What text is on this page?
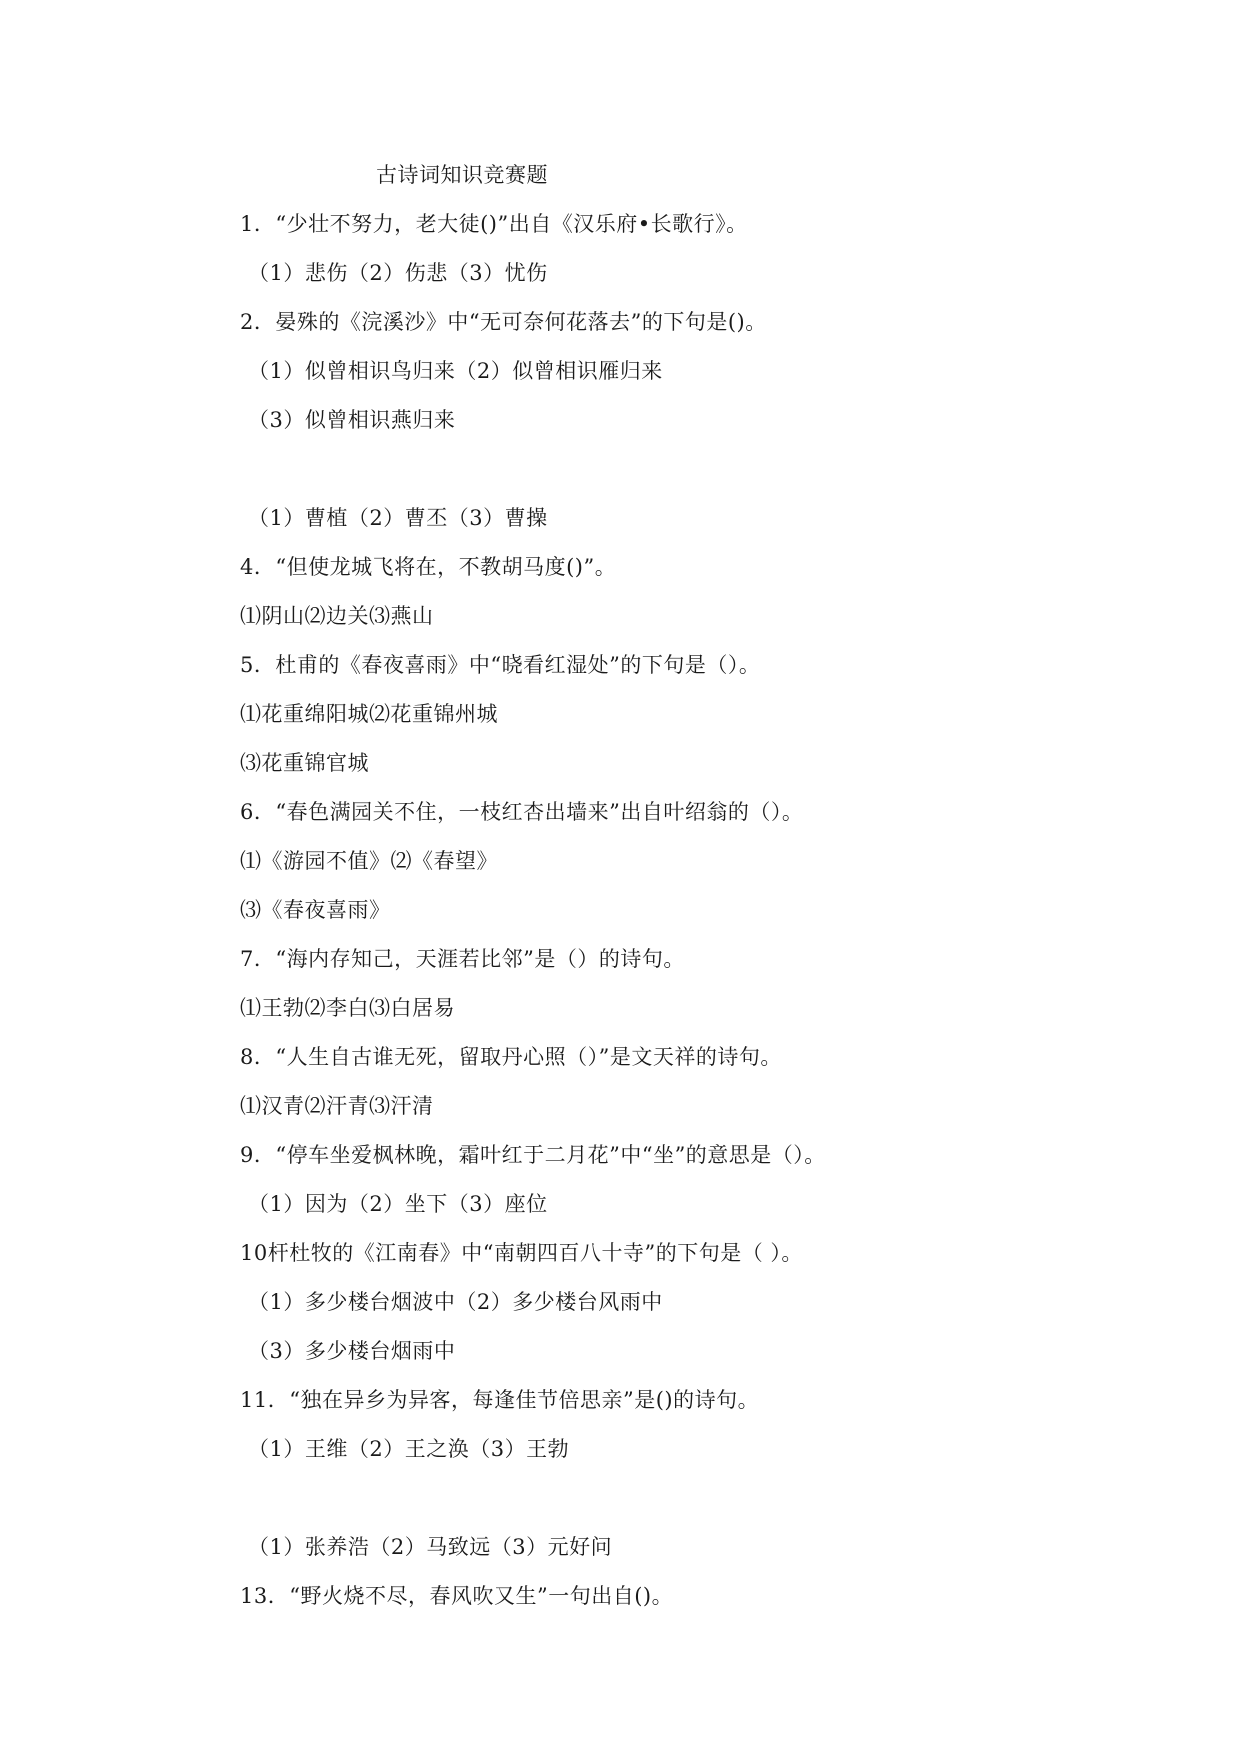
古诗词知识竞赛题
1．“少壮不努力，老大徒()”出自《汉乐府•长歌行》。
（1）悲伤（2）伤悲（3）忧伤
2．晏殊的《浣溪沙》中“无可奈何花落去”的下句是()。
（1）似曾相识鸟归来（2）似曾相识雁归来
（3）似曾相识燕归来
（1）曹植（2）曹丕（3）曹操
4．“但使龙城飞将在，不教胡马度()”。
⑴阴山⑵边关⑶燕山
5．杜甫的《春夜喜雨》中“晓看红湿处”的下句是（）。
⑴花重绵阳城⑵花重锦州城
⑶花重锦官城
6．“春色满园关不住，一枝红杏出墙来”出自叶绍翁的（）。
⑴《游园不值》⑵《春望》
⑶《春夜喜雨》
7．“海内存知己，天涯若比邻”是（）的诗句。
⑴王勃⑵李白⑶白居易
8．“人生自古谁无死，留取丹心照（）”是文天祥的诗句。
⑴汉青⑵汗青⑶汗清
9．“停车坐爱枫林晚，霜叶红于二月花”中“坐”的意思是（）。
（1）因为（2）坐下（3）座位
10杆杜牧的《江南春》中“南朝四百八十寺”的下句是（ ）。
（1）多少楼台烟波中（2）多少楼台风雨中
（3）多少楼台烟雨中
11．“独在异乡为异客，每逢佳节倍思亲”是()的诗句。
（1）王维（2）王之涣（3）王勃
（1）张养浩（2）马致远（3）元好问
13．“野火烧不尽，春风吹又生”一句出自()。
